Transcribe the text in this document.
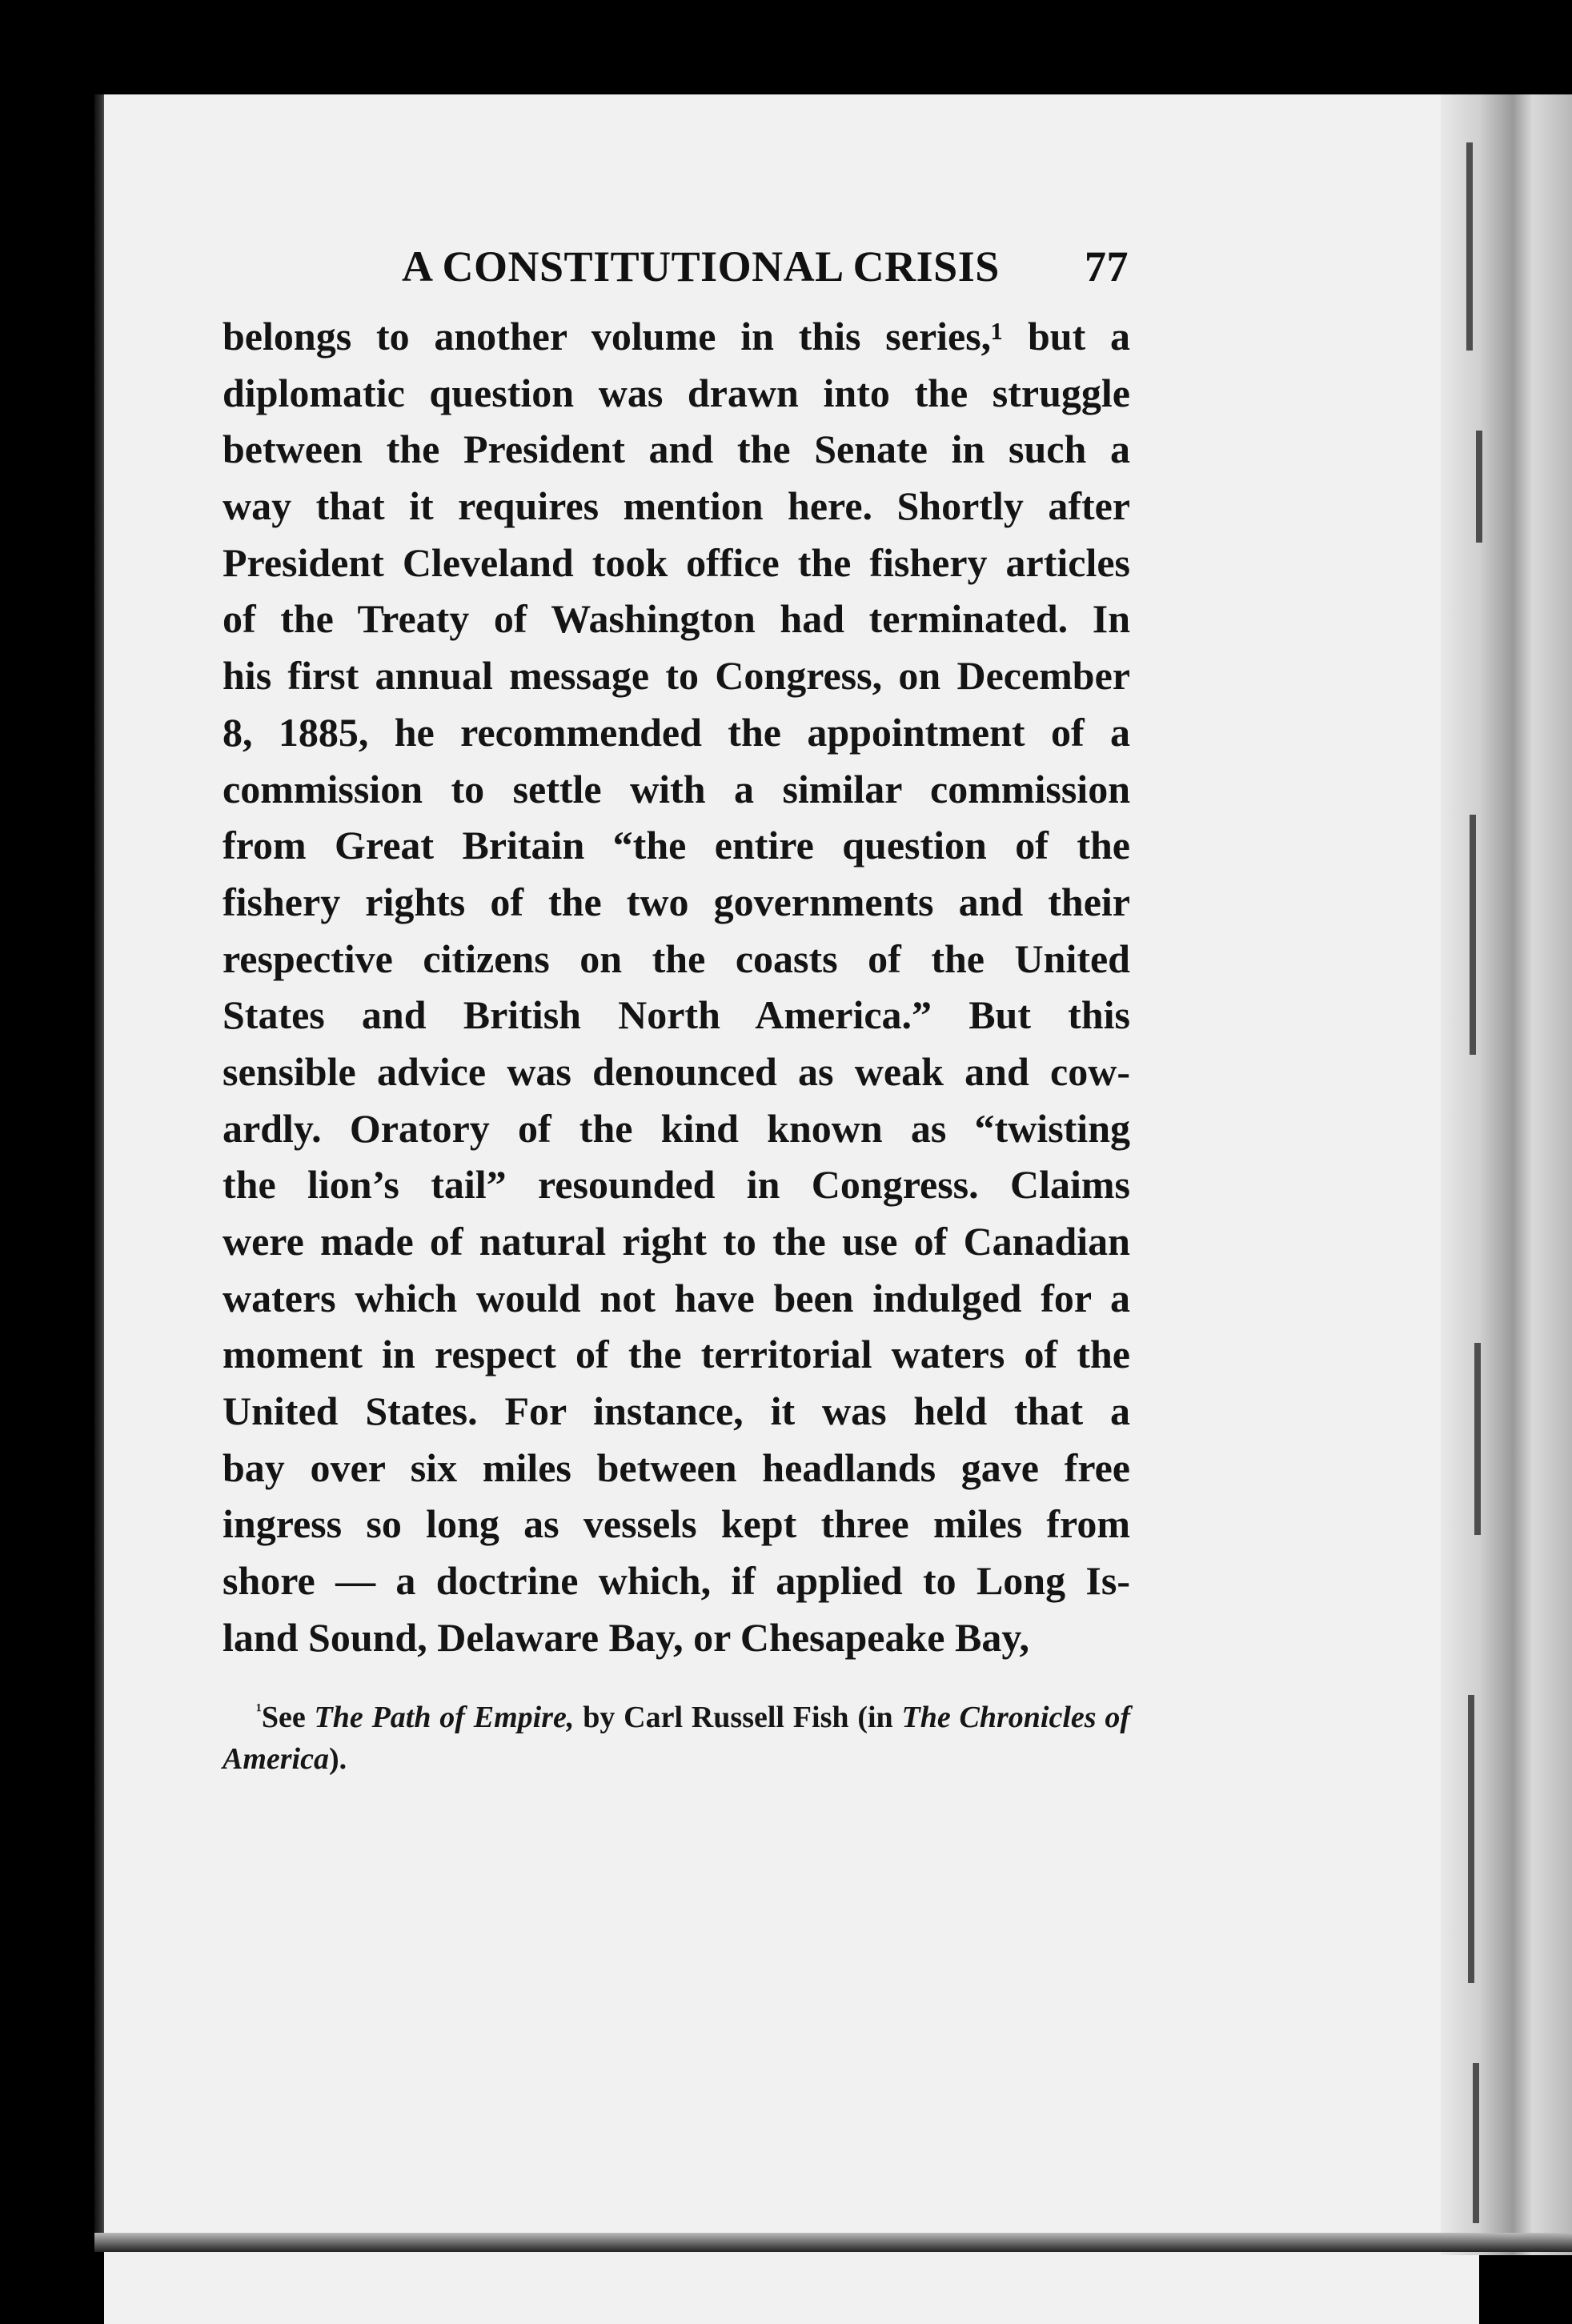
A CONSTITUTIONAL CRISIS 77
belongs to another volume in this series,¹ but a
diplomatic question was drawn into the struggle
between the President and the Senate in such a
way that it requires mention here. Shortly after
President Cleveland took office the fishery articles
of the Treaty of Washington had terminated. In
his first annual message to Congress, on December
8, 1885, he recommended the appointment of a
commission to settle with a similar commission
from Great Britain “the entire question of the
fishery rights of the two governments and their
respective citizens on the coasts of the United
States and British North America.” But this
sensible advice was denounced as weak and cow-
ardly. Oratory of the kind known as “twisting
the lion’s tail” resounded in Congress. Claims
were made of natural right to the use of Canadian
waters which would not have been indulged for a
moment in respect of the territorial waters of the
United States. For instance, it was held that a
bay over six miles between headlands gave free
ingress so long as vessels kept three miles from
shore — a doctrine which, if applied to Long Is-
land Sound, Delaware Bay, or Chesapeake Bay,
$^{^1}$See The Path of Empire, by Carl Russell Fish (in The Chronicles of
America).
